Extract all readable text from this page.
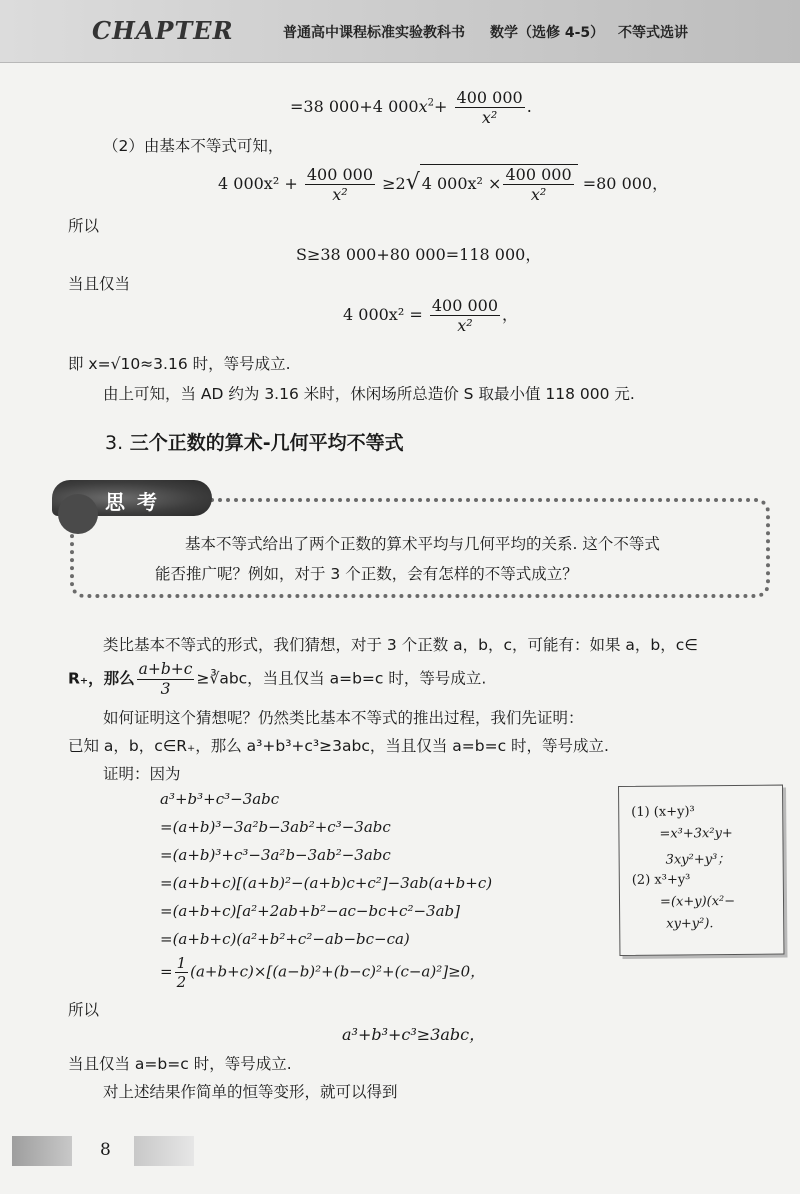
CHAPTER	普通高中课程标准实验教科书 数学（选修 4-5） 不等式选讲
=38 000+4 $000x^2+ \frac{400 000}{\text{x²}}$ .
（2）由基本不等式可知，
4 $000x^2 + \frac{400 000}{\text{x²}} \ge 2√$ 4 $000x^2 \times \frac{400 000}{\text{x²}} =80$ 000，
所以
S≥38 000+80 000=118 000，
当且仅当
4 $000x^2 = \frac{400 000}{\text{x²}}$ ，
即 x=√10≈3.16 时，等号成立.
由上可知，当 AD 约为 3.16 米时，休闲场所总造价 S 取最小值 118 000 元.
3. 三个正数的算术-几何平均不等式
思考
基本不等式给出了两个正数的算术平均与几何平均的关系. 这个不等式
能否推广呢？例如，对于 3 个正数，会有怎样的不等式成立？
类比基本不等式的形式，我们猜想，对于 3 个正数 a，b，c，可能有：如果 a，b，c∈
R₊，那么 $\frac{a+b+c}{3}$ ≥∛abc，当且仅当 a=b=c 时，等号成立.
如何证明这个猜想呢？仍然类比基本不等式的推出过程，我们先证明：
已知 a，b，c∈R₊，那么 a³+b³+c³≥3abc，当且仅当 a=b=c 时，等号成立.
证明：因为
a³+b³+c³−3abc
=(a+b)³−3a²b−3ab²+c³−3abc
=(a+b)³+c³−3a²b−3ab²−3abc
=(a+b+c)[(a+b)²−(a+b)c+c²]−3ab(a+b+c)
=(a+b+c)[a²+2ab+b²−ac−bc+c²−3ab]
=(a+b+c)(a²+b²+c²−ab−bc−ca)
= $\frac{1}{2} (a+b+c)\times[(a-b)^2+(b-c)^2+(c-a)^2]\ge 0$，
所以
a³+b³+c³≥3abc，
当且仅当 a=b=c 时，等号成立.
对上述结果作简单的恒等变形，就可以得到
(1) (x+y)³
=x³+3x²y+
3xy²+y³；
(2) x³+y³
=(x+y)(x²−
xy+y²).
8
